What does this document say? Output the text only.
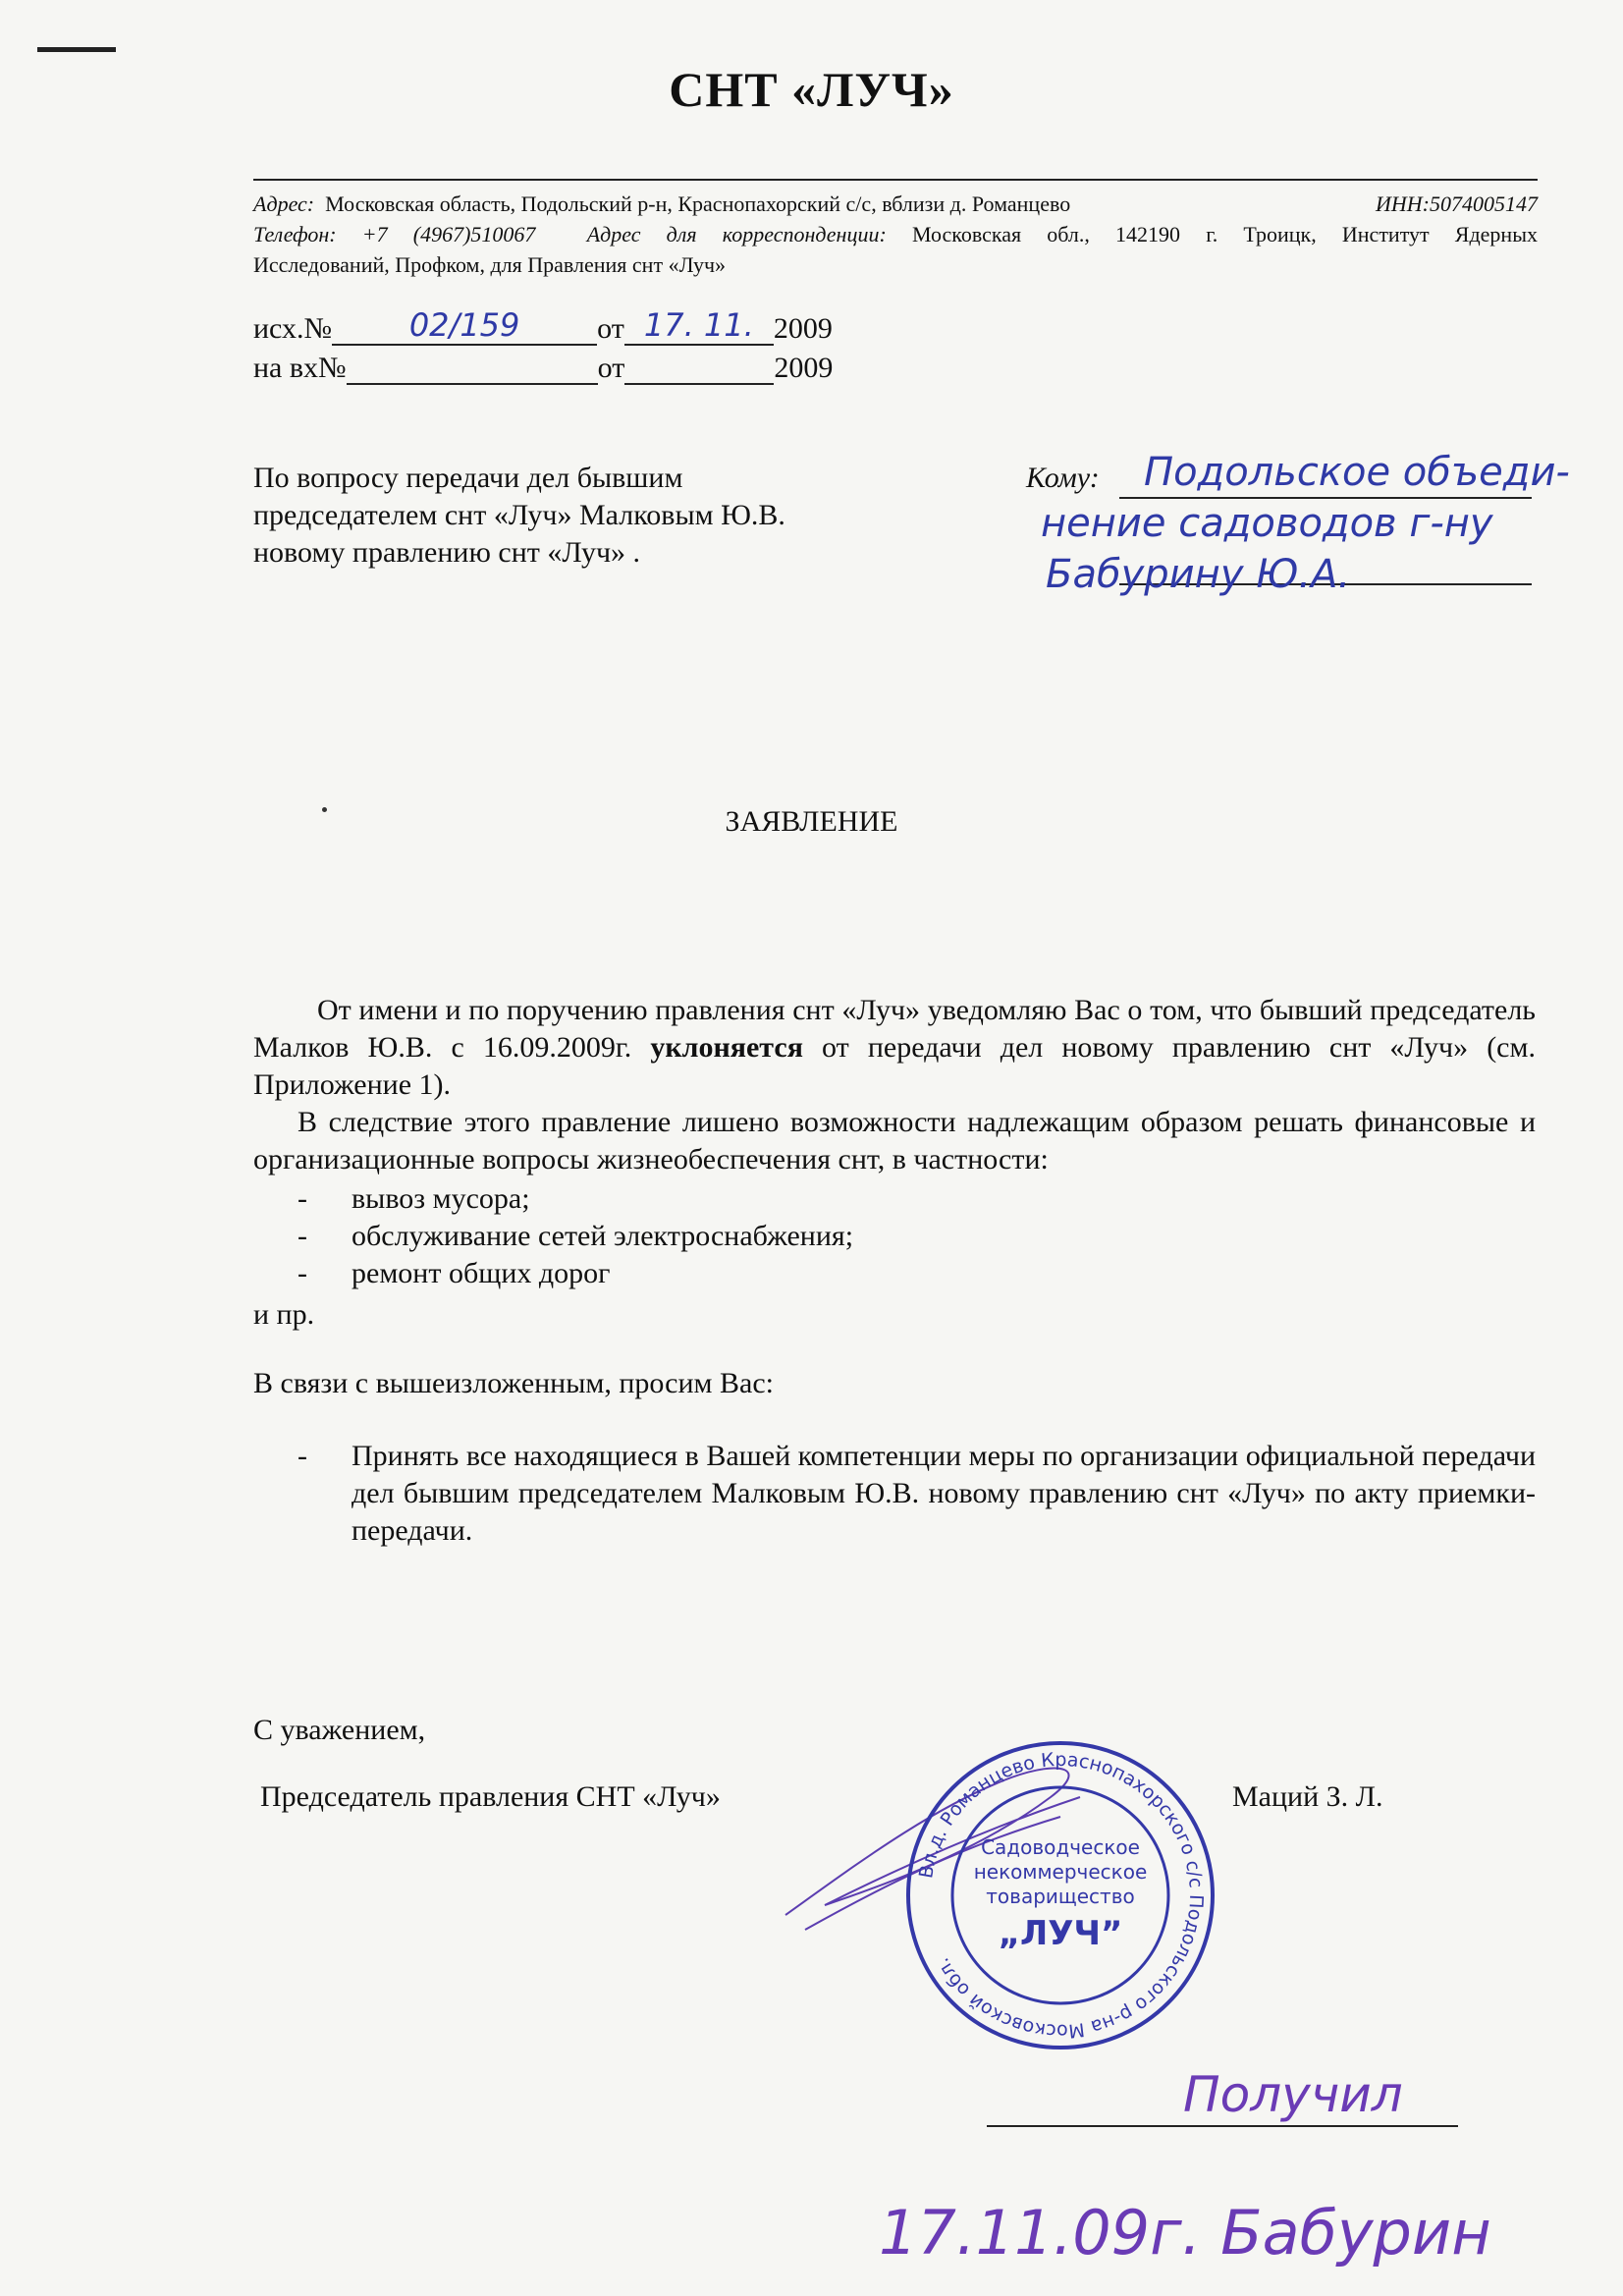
СНТ «ЛУЧ»
Адрес: Московская область, Подольский р-н, Краснопахорский с/с, вблизи д. Романцево	ИНН:5074005147
Телефон: +7 (4967)510067 Адрес для корреспонденции: Московская обл., 142190 г. Троицк, Институт Ядерных
Исследований, Профком, для Правления снт «Луч»
исх.№	02/159	от 17. 11. 2009
на вх№	от	2009
По вопросу передачи дел бывшим
председателем снт «Луч» Малковым Ю.В.
новому правлению снт «Луч» .
Кому:	Подольское объеди-
нение садоводов г-ну
Бабурину Ю.А.
ЗАЯВЛЕНИЕ

От имени и по поручению правления снт «Луч» уведомляю Вас о том, что бывший председатель Малков Ю.В. с 16.09.2009г. уклоняется от передачи дел новому правлению снт «Луч» (см. Приложение 1).

В следствие этого правление лишено возможности надлежащим образом решать финансовые и организационные вопросы жизнеобеспечения снт, в частности:

- вывоз мусора;
- обслуживание сетей электроснабжения;
- ремонт общих дорог

и пр.

В связи с вышеизложенным, просим Вас:

- Принять все находящиеся в Вашей компетенции меры по организации официальной передачи дел бывшим председателем Малковым Ю.В. новому правлению снт «Луч» по акту приемки-передачи.
С уважением,
Председатель правления СНТ «Луч»	Маций З. Л.
Вл.д. Романцево Краснопахорского с/с Подольского р-на Московской обл.
Садоводческое
некоммерческое
товарищество
„ЛУЧ”
Получил
17.11.09г. Бабурин
